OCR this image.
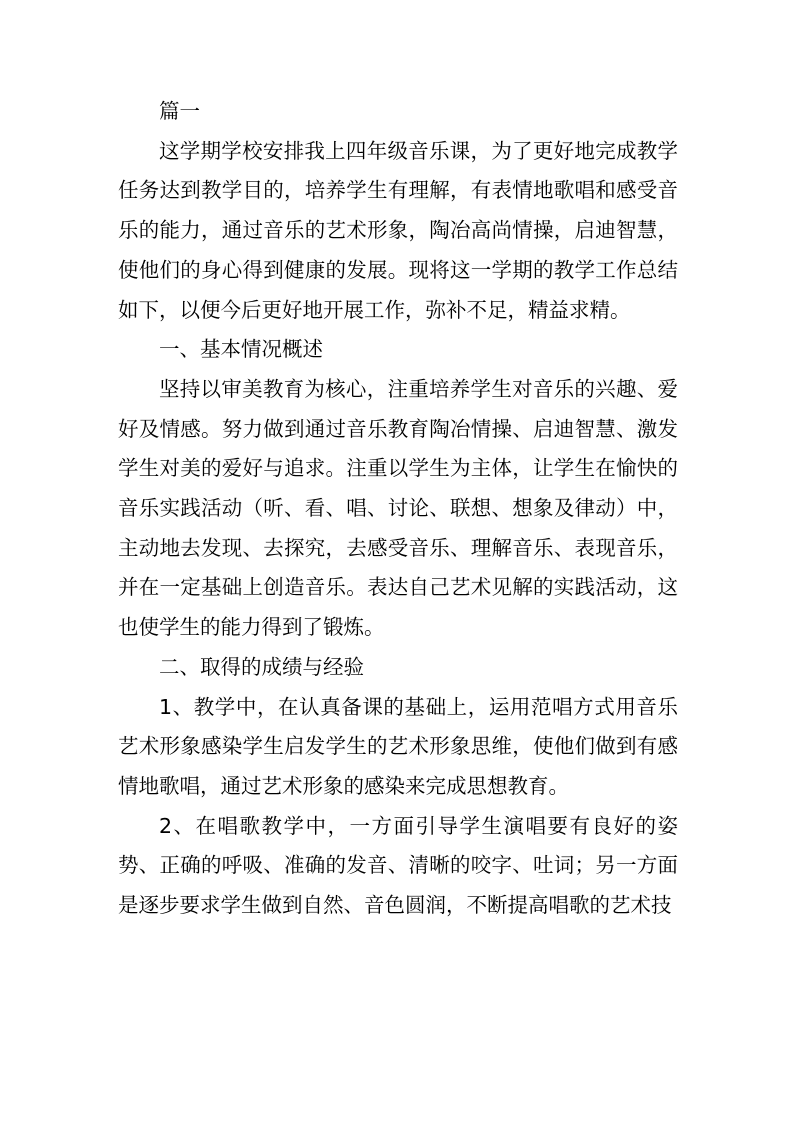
篇一

这学期学校安排我上四年级音乐课，为了更好地完成教学任务达到教学目的，培养学生有理解，有表情地歌唱和感受音乐的能力，通过音乐的艺术形象，陶冶高尚情操，启迪智慧，使他们的身心得到健康的发展。现将这一学期的教学工作总结如下，以便今后更好地开展工作，弥补不足，精益求精。

一、基本情况概述

坚持以审美教育为核心，注重培养学生对音乐的兴趣、爱好及情感。努力做到通过音乐教育陶冶情操、启迪智慧、激发学生对美的爱好与追求。注重以学生为主体，让学生在愉快的音乐实践活动（听、看、唱、讨论、联想、想象及律动）中，主动地去发现、去探究，去感受音乐、理解音乐、表现音乐，并在一定基础上创造音乐。表达自己艺术见解的实践活动，这也使学生的能力得到了锻炼。

二、取得的成绩与经验

1、教学中，在认真备课的基础上，运用范唱方式用音乐艺术形象感染学生启发学生的艺术形象思维，使他们做到有感情地歌唱，通过艺术形象的感染来完成思想教育。

2、在唱歌教学中，一方面引导学生演唱要有良好的姿势、正确的呼吸、准确的发音、清晰的咬字、吐词；另一方面是逐步要求学生做到自然、音色圆润，不断提高唱歌的艺术技
